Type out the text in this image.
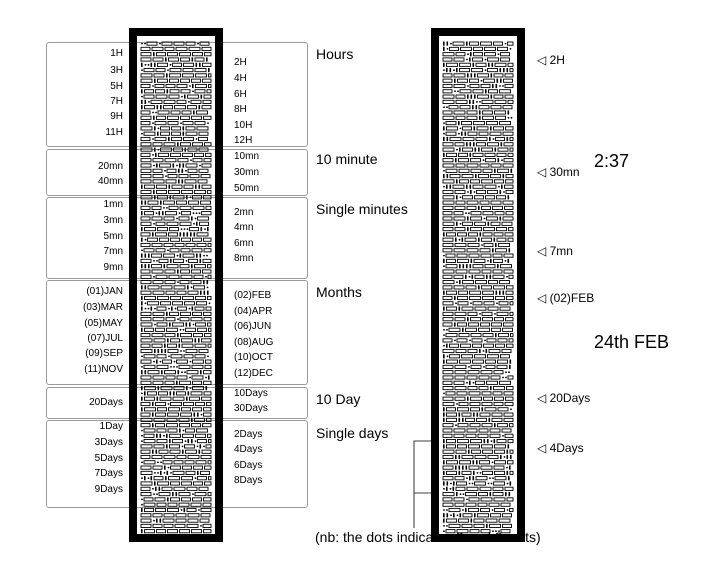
1H
3H
5H
7H
9H
11H
20mn
40mn
1mn
3mn
5mn
7mn
9mn
(01)JAN
(03)MAR
(05)MAY
(07)JUL
(09)SEP
(11)NOV
20Days
1Day
3Days
5Days
7Days
9Days
2H
4H
6H
8H
10H
12H
10mn
30mn
50mn
2mn
4mn
6mn
8mn
(02)FEB
(04)APR
(06)JUN
(08)AUG
(10)OCT
(12)DEC
10Days
30Days
2Days
4Days
6Days
8Days
Hours
10 minute
Single minutes
Months
10 Day
Single days
◁ 2H
◁ 30mn
◁ 7mn
◁ (02)FEB
◁ 20Days
◁ 4Days
2:37
24th FEB
(nb: the dots indicates 3 and 9 units)
